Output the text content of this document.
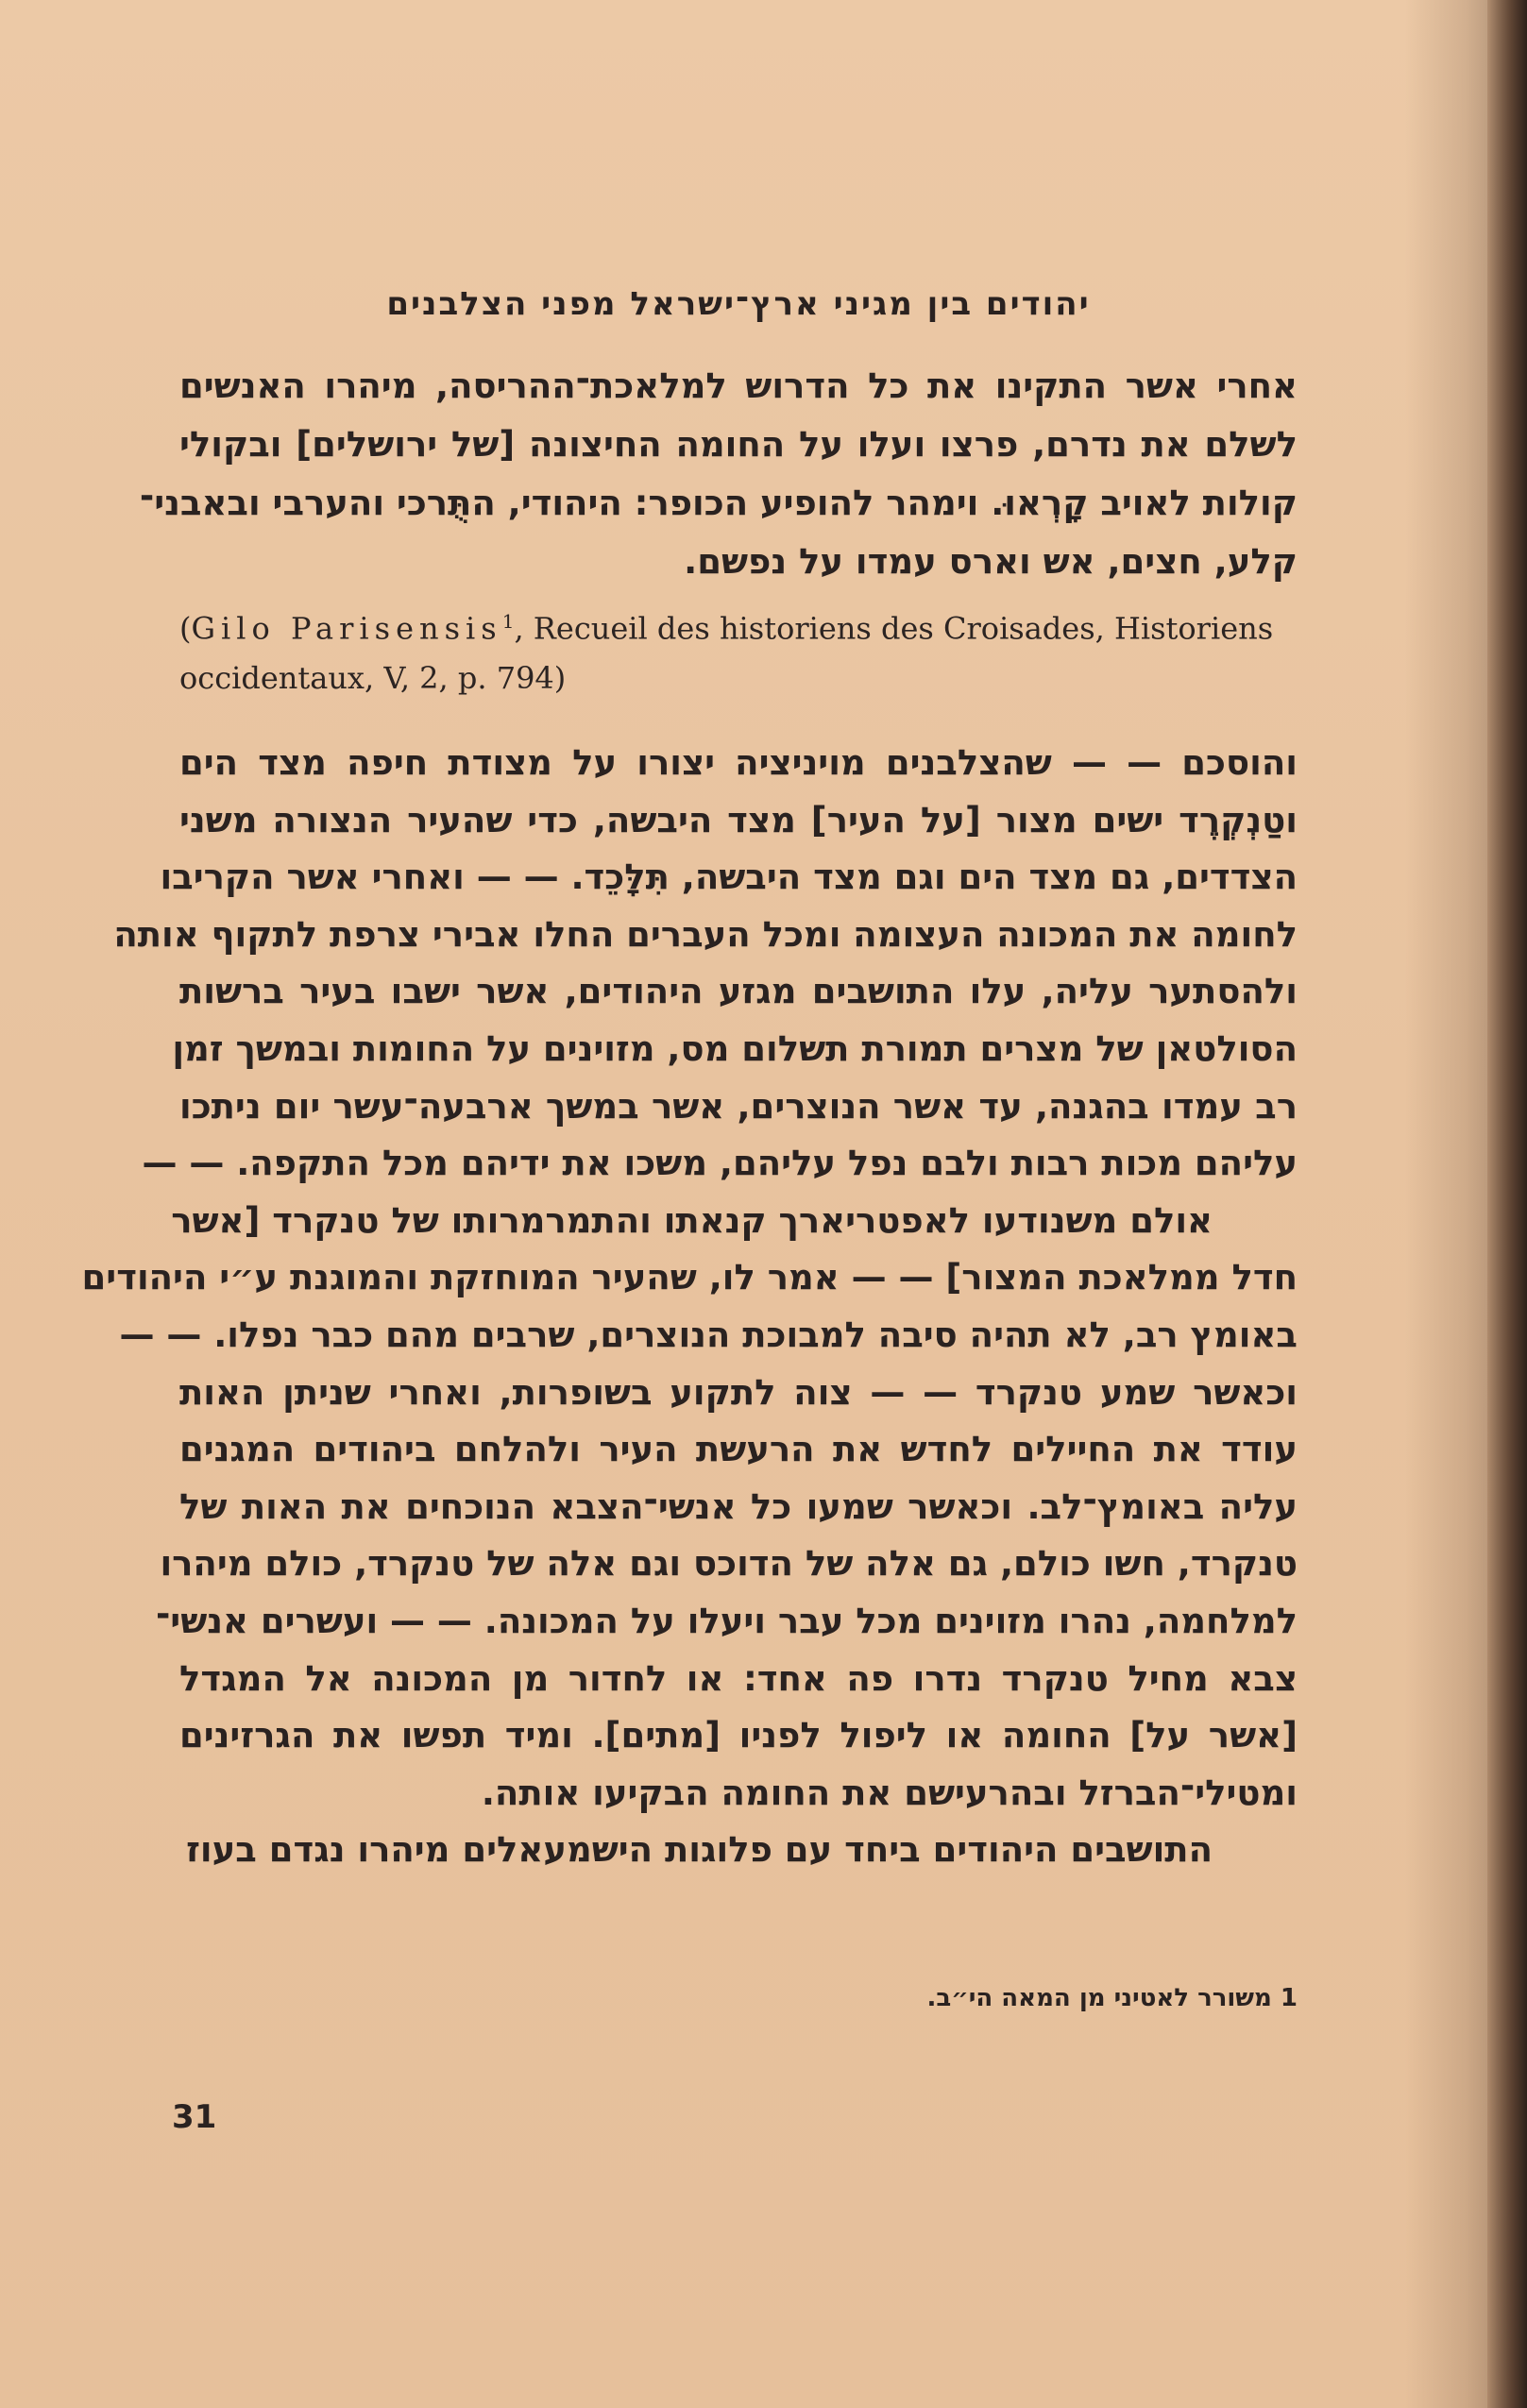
יהודים בין מגיני ארץ־ישראל מפני הצלבנים
אחרי אשר התקינו את כל הדרוש למלאכת־ההריסה, מיהרו האנשים
לשלם את נדרם, פרצו ועלו על החומה החיצונה [של ירושלים] ובקולי
קולות לאויב קָרְאוּ. וימהר להופיע הכופר: היהודי, התֻּרכי והערבי ובאבני־
קלע, חצים, אש וארס עמדו על נפשם.
(Gilo Parisensis$^1$, Recueil des historiens des Croisades, Historiens
occidentaux, V, 2, p. 794)
והוסכם — — שהצלבנים מויניציה יצורו על מצודת חיפה מצד הים
וטַנְקְרֶד ישים מצור [על העיר] מצד היבשה, כדי שהעיר הנצורה משני
הצדדים, גם מצד הים וגם מצד היבשה, תִּלָּכֵד. — — ואחרי אשר הקריבו
לחומה את המכונה העצומה ומכל העברים החלו אבירי צרפת לתקוף אותה
ולהסתער עליה, עלו התושבים מגזע היהודים, אשר ישבו בעיר ברשות
הסולטאן של מצרים תמורת תשלום מס, מזוינים על החומות ובמשך זמן
רב עמדו בהגנה, עד אשר הנוצרים, אשר במשך ארבעה־עשר יום ניתכו
עליהם מכות רבות ולבם נפל עליהם, משכו את ידיהם מכל התקפה. — —
אולם משנודעו לאפטריארך קנאתו והתמרמרותו של טנקרד [אשר
חדל ממלאכת המצור] — — אמר לו, שהעיר המוחזקת והמוגנת ע״י היהודים
באומץ רב, לא תהיה סיבה למבוכת הנוצרים, שרבים מהם כבר נפלו. — —
וכאשר שמע טנקרד — — צוה לתקוע בשופרות, ואחרי שניתן האות
עודד את החיילים לחדש את הרעשת העיר ולהלחם ביהודים המגנים
עליה באומץ־לב. וכאשר שמעו כל אנשי־הצבא הנוכחים את האות של
טנקרד, חשו כולם, גם אלה של הדוכס וגם אלה של טנקרד, כולם מיהרו
למלחמה, נהרו מזוינים מכל עבר ויעלו על המכונה. — — ועשרים אנשי־
צבא מחיל טנקרד נדרו פה אחד: או לחדור מן המכונה אל המגדל
[אשר על] החומה או ליפול לפניו [מתים]. ומיד תפשו את הגרזינים
ומטילי־הברזל ובהרעישם את החומה הבקיעו אותה.
התושבים היהודים ביחד עם פלוגות הישמעאלים מיהרו נגדם בעוז
1 משורר לאטיני מן המאה הי״ב.
31
